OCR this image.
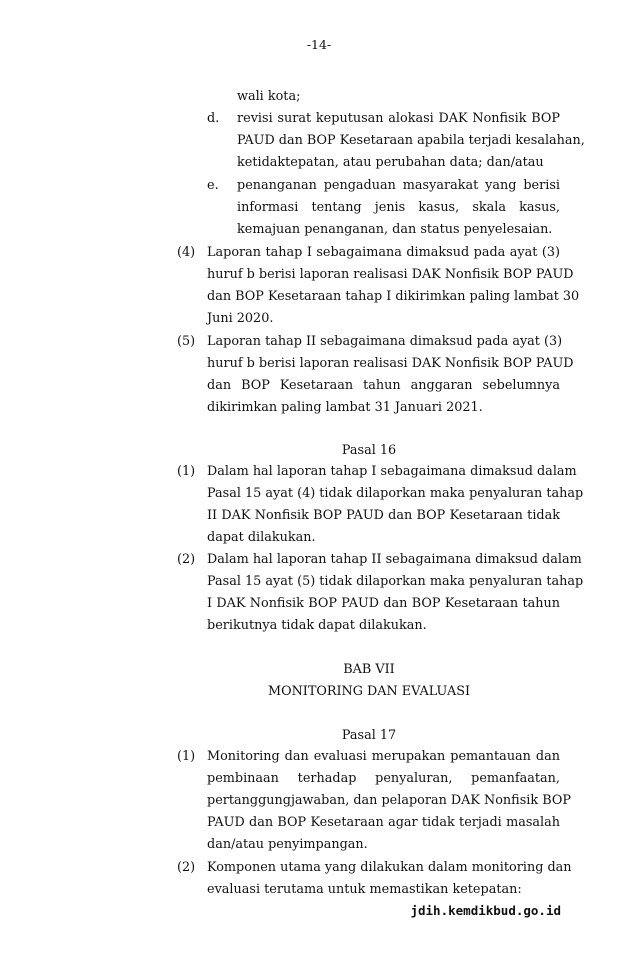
-14-
wali kota;
d. revisi surat keputusan alokasi DAK Nonfisik BOP
PAUD dan BOP Kesetaraan apabila terjadi kesalahan,
ketidaktepatan, atau perubahan data; dan/atau
e. penanganan pengaduan masyarakat yang berisi
informasi tentang jenis kasus, skala kasus,
kemajuan penanganan, dan status penyelesaian.
(4) Laporan tahap I sebagaimana dimaksud pada ayat (3)
huruf b berisi laporan realisasi DAK Nonfisik BOP PAUD
dan BOP Kesetaraan tahap I dikirimkan paling lambat 30
Juni 2020.
(5) Laporan tahap II sebagaimana dimaksud pada ayat (3)
huruf b berisi laporan realisasi DAK Nonfisik BOP PAUD
dan BOP Kesetaraan tahun anggaran sebelumnya
dikirimkan paling lambat 31 Januari 2021.
Pasal 16
(1) Dalam hal laporan tahap I sebagaimana dimaksud dalam
Pasal 15 ayat (4) tidak dilaporkan maka penyaluran tahap
II DAK Nonfisik BOP PAUD dan BOP Kesetaraan tidak
dapat dilakukan.
(2) Dalam hal laporan tahap II sebagaimana dimaksud dalam
Pasal 15 ayat (5) tidak dilaporkan maka penyaluran tahap
I DAK Nonfisik BOP PAUD dan BOP Kesetaraan tahun
berikutnya tidak dapat dilakukan.
BAB VII
MONITORING DAN EVALUASI
Pasal 17
(1) Monitoring dan evaluasi merupakan pemantauan dan
pembinaan terhadap penyaluran, pemanfaatan,
pertanggungjawaban, dan pelaporan DAK Nonfisik BOP
PAUD dan BOP Kesetaraan agar tidak terjadi masalah
dan/atau penyimpangan.
(2) Komponen utama yang dilakukan dalam monitoring dan
evaluasi terutama untuk memastikan ketepatan:
jdih.kemdikbud.go.id
